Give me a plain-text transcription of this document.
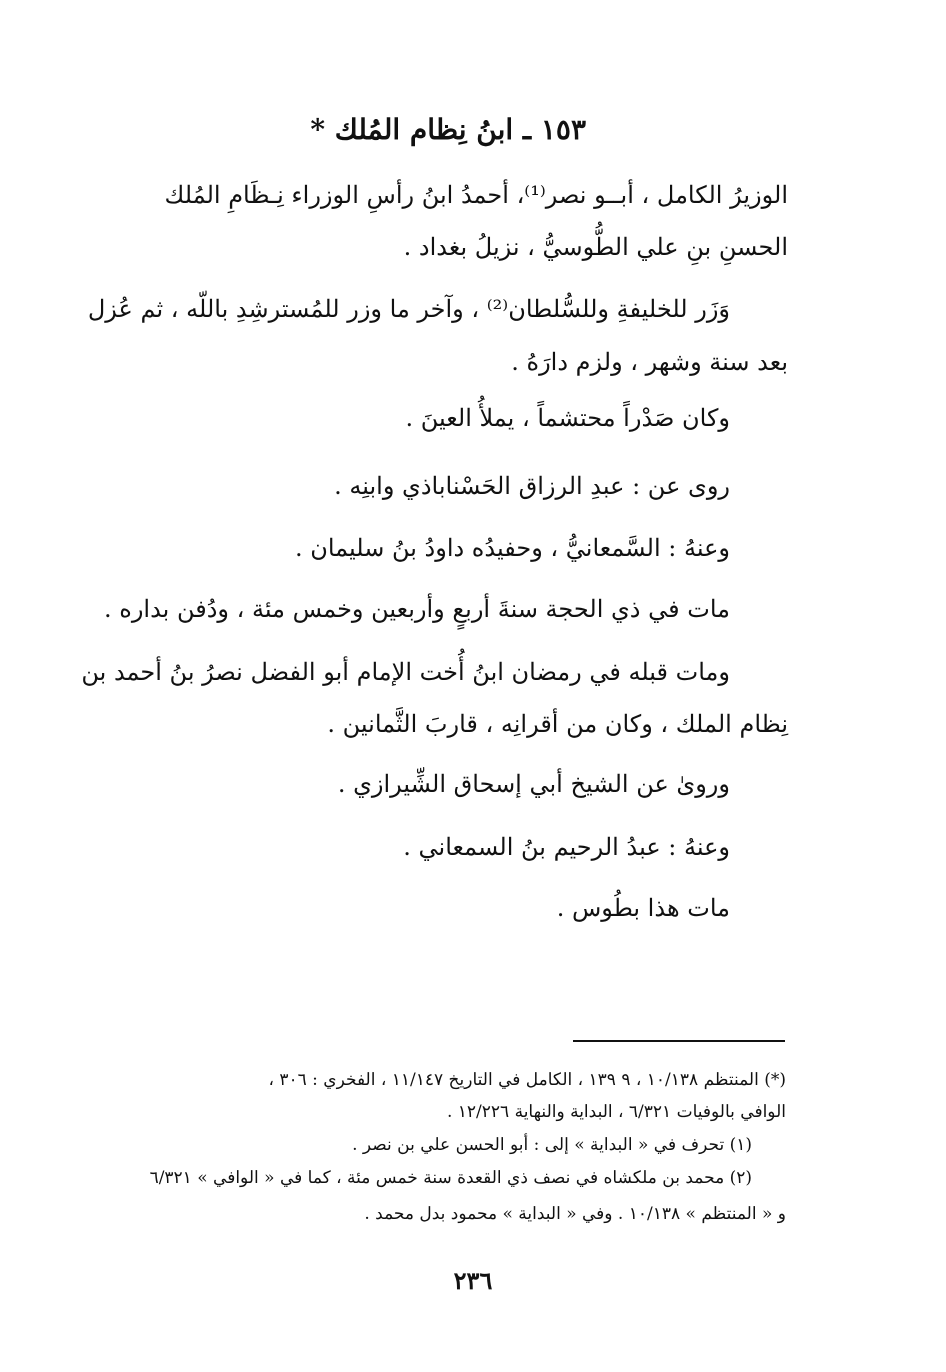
١٥٣ ـ ابنُ نِظام المُلك *
الوزيرُ الكامل ، أبــو نصر⁽¹⁾، أحمدُ ابنُ رأسِ الوزراء نِـظَامِ المُلك
الحسنِ بنِ علي الطُّوسيُّ ، نزيلُ بغداد .
وَزَر للخليفةِ وللسُّلطان⁽²⁾ ، وآخر ما وزر للمُسترشِدِ باللّه ، ثم عُزل
بعد سنة وشهر ، ولزم دارَهُ .
وكان صَدْراً محتشماً ، يملأُ العينَ .
روى عن : عبدِ الرزاق الحَسْناباذي وابنِه .
وعنهُ : السَّمعانيُّ ، وحفيدُه داودُ بنُ سليمان .
مات في ذي الحجة سنةَ أربعٍ وأربعين وخمس مئة ، ودُفن بداره .
ومات قبله في رمضان ابنُ أُخت الإمام أبو الفضل نصرُ بنُ أحمد بن
نِظام الملك ، وكان من أقرانِه ، قاربَ الثَّمانين .
وروىٰ عن الشيخ أبي إسحاق الشِّيرازي .
وعنهُ : عبدُ الرحيم بنُ السمعاني .
مات هذا بطُوس .
(*) المنتظم ١٠/١٣٨ ، ٩ ١٣٩ ، الكامل في التاريخ ١١/١٤٧ ، الفخري : ٣٠٦ ،
الوافي بالوفيات ٦/٣٢١ ، البداية والنهاية ١٢/٢٢٦ .
(١) تحرف في « البداية » إلى : أبو الحسن علي بن نصر .
(٢) محمد بن ملكشاه في نصف ذي القعدة سنة خمس مئة ، كما في « الوافي » ٦/٣٢١
و « المنتظم » ١٠/١٣٨ . وفي « البداية » محمود بدل محمد .
٢٣٦
